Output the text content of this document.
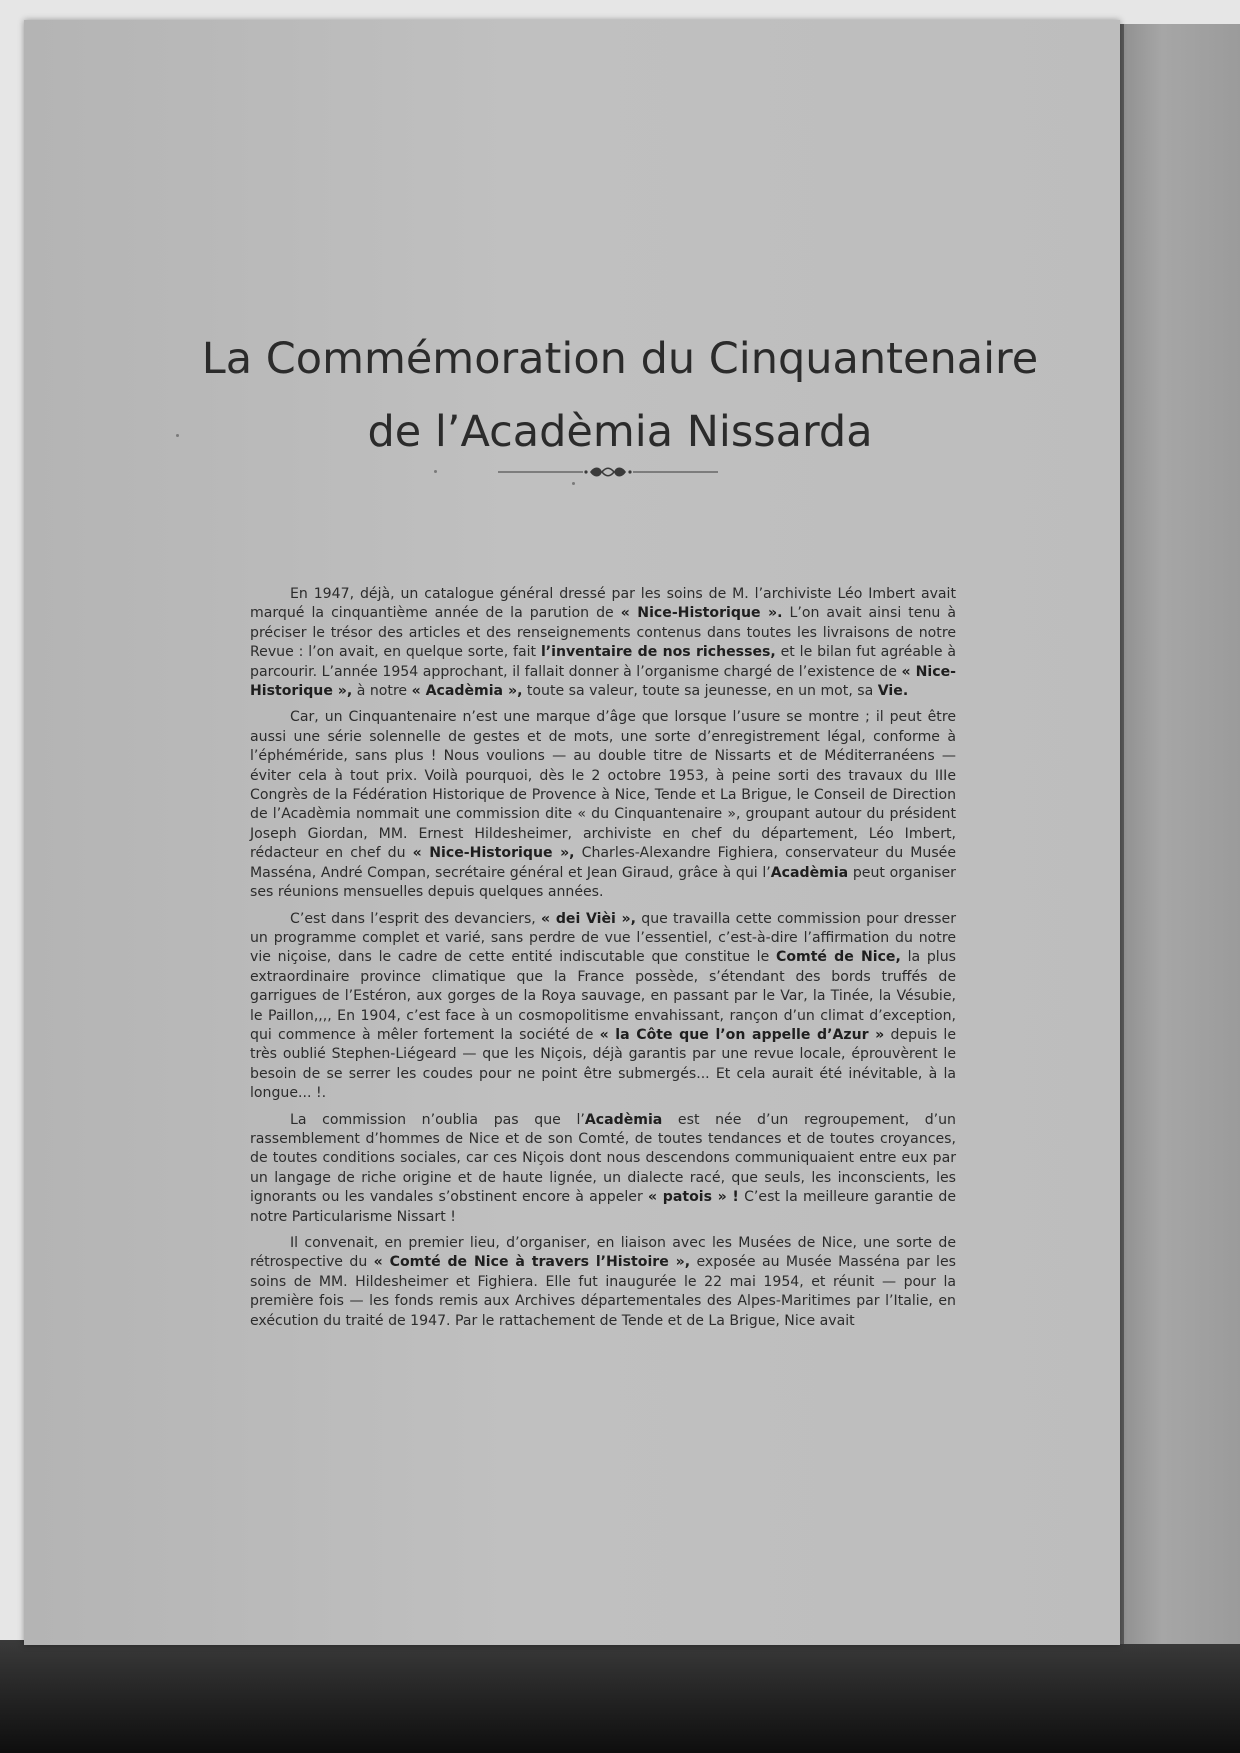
La Commémoration du Cinquantenaire
de l’Acadèmia Nissarda

En 1947, déjà, un catalogue général dressé par les soins de M. l’archiviste Léo Imbert avait marqué la cinquantième année de la parution de « Nice-Historique ». L’on avait ainsi tenu à préciser le trésor des articles et des renseignements contenus dans toutes les livraisons de notre Revue : l’on avait, en quelque sorte, fait l’inventaire de nos richesses, et le bilan fut agréable à parcourir. L’année 1954 approchant, il fallait donner à l’organisme chargé de l’existence de « Nice-Historique », à notre « Acadèmia », toute sa valeur, toute sa jeunesse, en un mot, sa Vie.

Car, un Cinquantenaire n’est une marque d’âge que lorsque l’usure se montre ; il peut être aussi une série solennelle de gestes et de mots, une sorte d’enregistrement légal, conforme à l’éphéméride, sans plus ! Nous voulions — au double titre de Nissarts et de Méditerranéens — éviter cela à tout prix. Voilà pourquoi, dès le 2 octobre 1953, à peine sorti des travaux du IIIe Congrès de la Fédération Historique de Provence à Nice, Tende et La Brigue, le Conseil de Direction de l’Acadèmia nommait une commission dite « du Cinquantenaire », groupant autour du président Joseph Giordan, MM. Ernest Hildesheimer, archiviste en chef du département, Léo Imbert, rédacteur en chef du « Nice-Historique », Charles-Alexandre Fighiera, conservateur du Musée Masséna, André Compan, secrétaire général et Jean Giraud, grâce à qui l’Acadèmia peut organiser ses réunions mensuelles depuis quelques années.

C’est dans l’esprit des devanciers, « dei Vièi », que travailla cette commission pour dresser un programme complet et varié, sans perdre de vue l’essentiel, c’est-à-dire l’affirmation du notre vie niçoise, dans le cadre de cette entité indiscutable que constitue le Comté de Nice, la plus extraordinaire province climatique que la France possède, s’étendant des bords truffés de garrigues de l’Estéron, aux gorges de la Roya sauvage, en passant par le Var, la Tinée, la Vésubie, le Paillon,,,, En 1904, c’est face à un cosmopolitisme envahissant, rançon d’un climat d’exception, qui commence à mêler fortement la société de « la Côte que l’on appelle d’Azur » depuis le très oublié Stephen-Liégeard — que les Niçois, déjà garantis par une revue locale, éprouvèrent le besoin de se serrer les coudes pour ne point être submergés... Et cela aurait été inévitable, à la longue... !.

La commission n’oublia pas que l’Acadèmia est née d’un regroupement, d’un rassemblement d’hommes de Nice et de son Comté, de toutes tendances et de toutes croyances, de toutes conditions sociales, car ces Niçois dont nous descendons communiquaient entre eux par un langage de riche origine et de haute lignée, un dialecte racé, que seuls, les inconscients, les ignorants ou les vandales s’obstinent encore à appeler « patois » ! C’est la meilleure garantie de notre Particularisme Nissart !

Il convenait, en premier lieu, d’organiser, en liaison avec les Musées de Nice, une sorte de rétrospective du « Comté de Nice à travers l’Histoire », exposée au Musée Masséna par les soins de MM. Hildesheimer et Fighiera. Elle fut inaugurée le 22 mai 1954, et réunit — pour la première fois — les fonds remis aux Archives départementales des Alpes-Maritimes par l’Italie, en exécution du traité de 1947. Par le rattachement de Tende et de La Brigue, Nice avait
